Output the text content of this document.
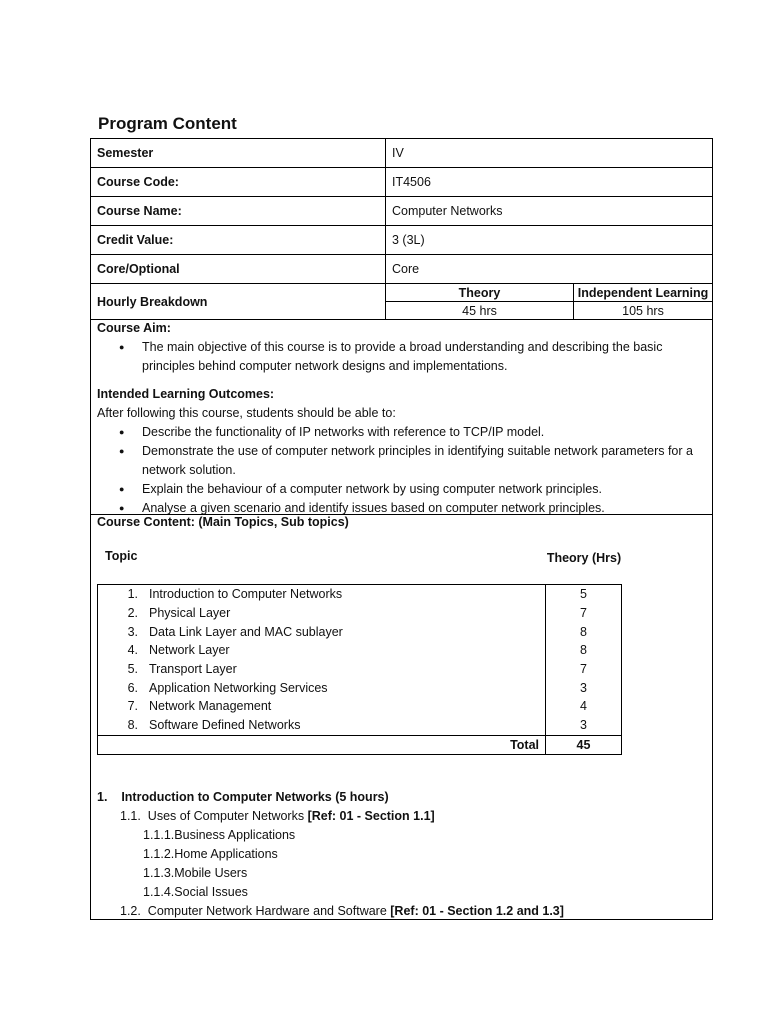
Program Content
Semester	IV
Course Code:	IT4506
Course Name:	Computer Networks
Credit Value:	3 (3L)
Core/Optional	Core
Hourly Breakdown	
Theory	Independent Learning
45 hrs	105 hrs
Course Aim:
● The main objective of this course is to provide a broad understanding and describing the basic principles behind computer network designs and implementations.
Intended Learning Outcomes:
After following this course, students should be able to:
● Describe the functionality of IP networks with reference to TCP/IP model.
● Demonstrate the use of computer network principles in identifying suitable network parameters for a network solution.
● Explain the behaviour of a computer network by using computer network principles.
● Analyse a given scenario and identify issues based on computer network principles.
Course Content: (Main Topics, Sub topics)
Topic	Theory (Hrs)
1.	Introduction to Computer Networks	5
2.	Physical Layer	7
3.	Data Link Layer and MAC sublayer	8
4.	Network Layer	8
5.	Transport Layer	7
6.	Application Networking Services	3
7.	Network Management	4
8.	Software Defined Networks	3
Total		45
1.    Introduction to Computer Networks (5 hours)
1.1.  Uses of Computer Networks [Ref: 01 - Section 1.1]
1.1.1.Business Applications
1.1.2.Home Applications
1.1.3.Mobile Users
1.1.4.Social Issues
1.2.  Computer Network Hardware and Software [Ref: 01 - Section 1.2 and 1.3]
